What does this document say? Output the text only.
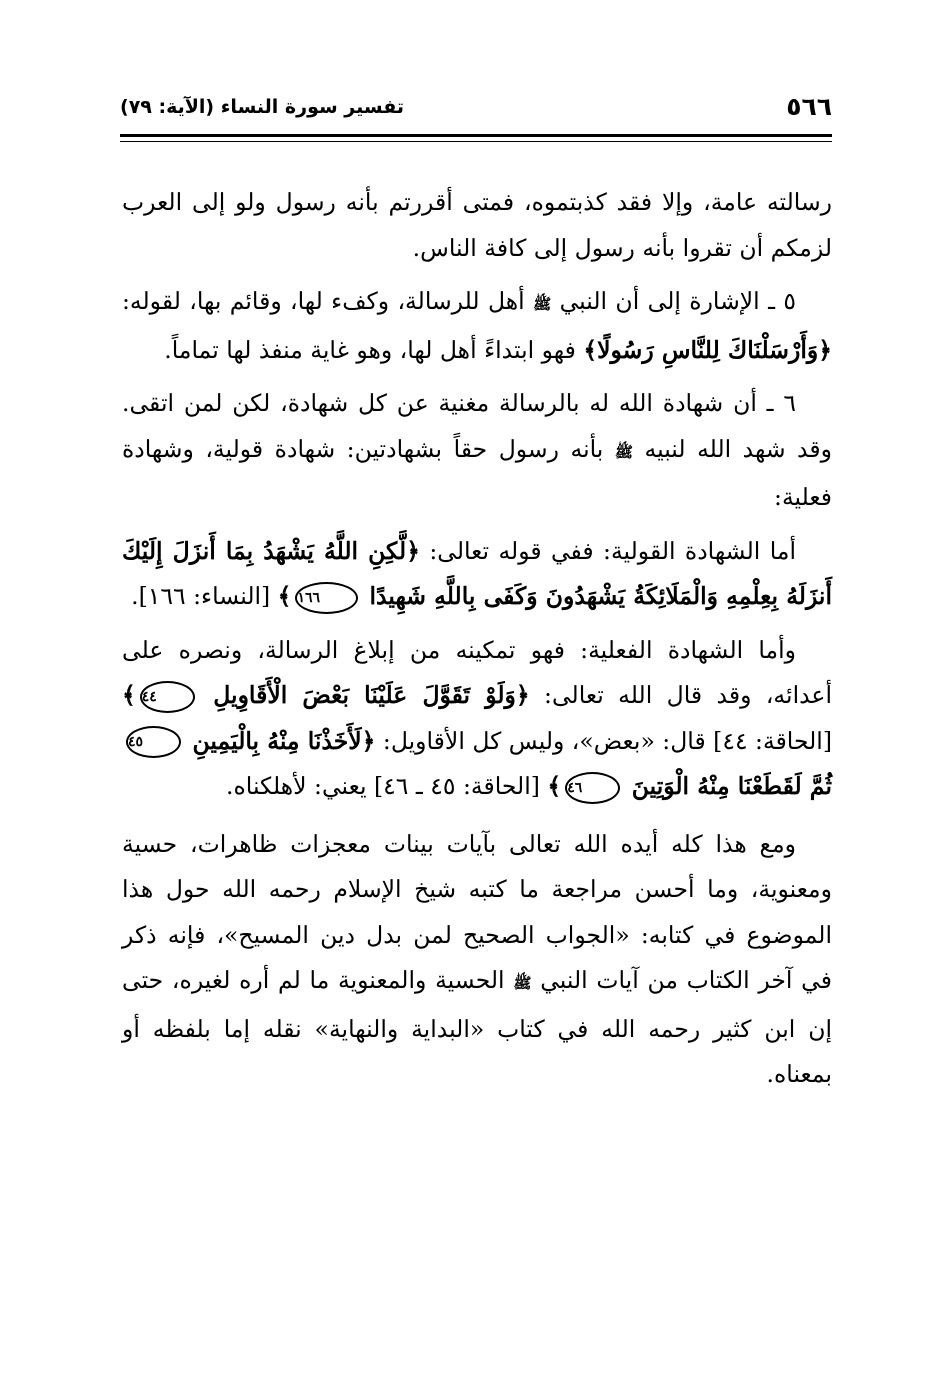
٥٦٦
تفسير سورة النساء (الآية: ٧٩)

رسالته عامة، وإلا فقد كذبتموه، فمتى أقررتم بأنه رسول ولو إلى العرب لزمكم أن تقروا بأنه رسول إلى كافة الناس.

٥ ـ الإشارة إلى أن النبي ﷺ أهل للرسالة، وكفء لها، وقائم بها، لقوله: ﴿وَأَرْسَلْنَاكَ لِلنَّاسِ رَسُولًا﴾ فهو ابتداءً أهل لها، وهو غاية منفذ لها تماماً.

٦ ـ أن شهادة الله له بالرسالة مغنية عن كل شهادة، لكن لمن اتقى. وقد شهد الله لنبيه ﷺ بأنه رسول حقاً بشهادتين: شهادة قولية، وشهادة فعلية:

أما الشهادة القولية: ففي قوله تعالى: ﴿لَّكِنِ اللَّهُ يَشْهَدُ بِمَا أَنزَلَ إِلَيْكَ أَنزَلَهُ بِعِلْمِهِ وَالْمَلَائِكَةُ يَشْهَدُونَ وَكَفَى بِاللَّهِ شَهِيدًا ١٦٦﴾ [النساء: ١٦٦].

وأما الشهادة الفعلية: فهو تمكينه من إبلاغ الرسالة، ونصره على أعدائه، وقد قال الله تعالى: ﴿وَلَوْ تَقَوَّلَ عَلَيْنَا بَعْضَ الْأَقَاوِيلِ ٤٤﴾ [الحاقة: ٤٤] قال: «بعض»، وليس كل الأقاويل: ﴿لَأَخَذْنَا مِنْهُ بِالْيَمِينِ ٤٥ ثُمَّ لَقَطَعْنَا مِنْهُ الْوَتِينَ ٤٦﴾ [الحاقة: ٤٥ ـ ٤٦] يعني: لأهلكناه.

ومع هذا كله أيده الله تعالى بآيات بينات معجزات ظاهرات، حسية ومعنوية، وما أحسن مراجعة ما كتبه شيخ الإسلام رحمه الله حول هذا الموضوع في كتابه: «الجواب الصحيح لمن بدل دين المسيح»، فإنه ذكر في آخر الكتاب من آيات النبي ﷺ الحسية والمعنوية ما لم أره لغيره، حتى إن ابن كثير رحمه الله في كتاب «البداية والنهاية» نقله إما بلفظه أو بمعناه.
